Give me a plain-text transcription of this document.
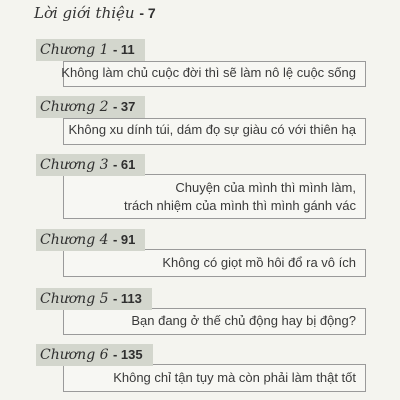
Lời giới thiệu - 7
Chương 1 - 11
Không làm chủ cuộc đời thì sẽ làm nô lệ cuộc sống
Chương 2 - 37
Không xu dính túi, dám đọ sự giàu có với thiên hạ
Chương 3 - 61
Chuyện của mình thì mình làm,
trách nhiệm của mình thì mình gánh vác
Chương 4 - 91
Không có giọt mồ hôi đổ ra vô ích
Chương 5 - 113
Bạn đang ở thế chủ động hay bị động?
Chương 6 - 135
Không chỉ tận tụy mà còn phải làm thật tốt
